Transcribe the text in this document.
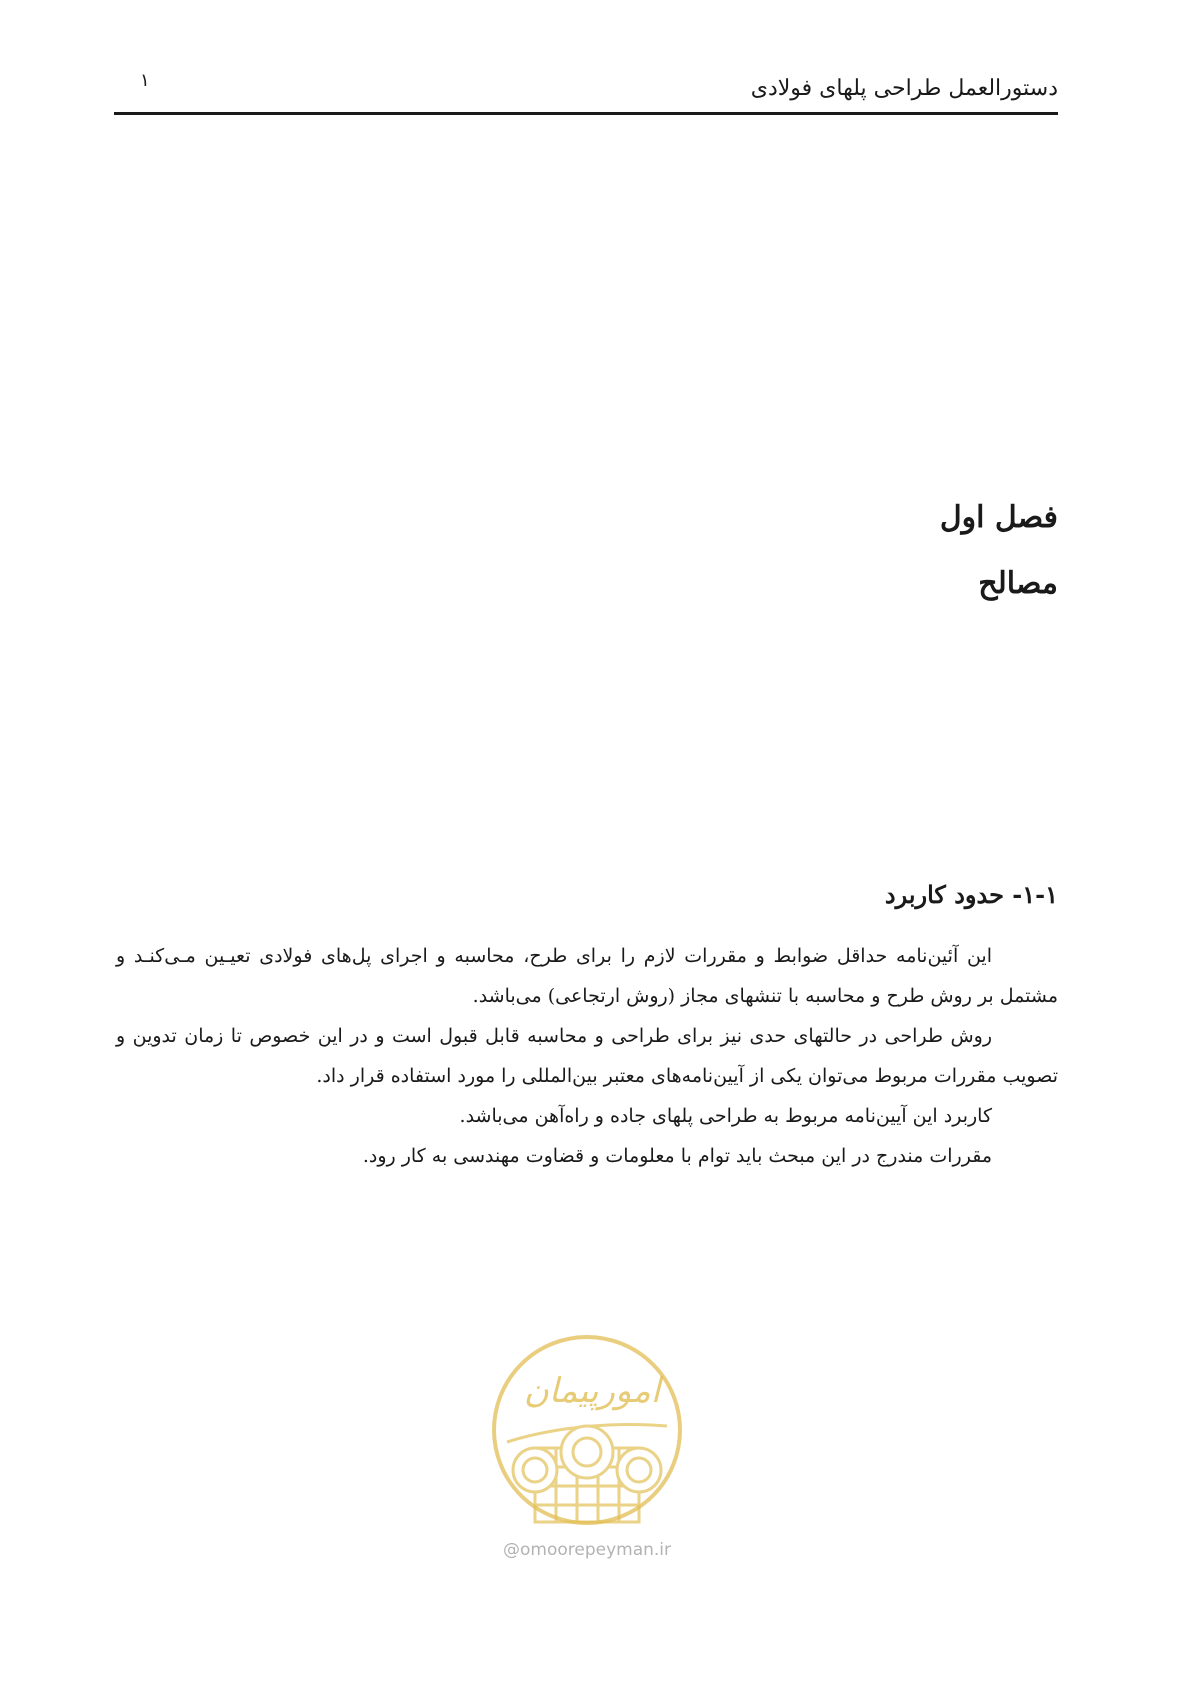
۱	دستورالعمل طراحی پلهای فولادی
فصل اول
مصالح
۱-۱- حدود کاربرد

این آئین‌نامه حداقل ضوابط و مقررات لازم را برای طرح، محاسبه و اجرای پل‌های فولادی تعیـین مـی‌کنـد و مشتمل بر روش طرح و محاسبه با تنشهای مجاز (روش ارتجاعی) می‌باشد.

روش طراحی در حالتهای حدی نیز برای طراحی و محاسبه قابل قبول است و در این خصوص تا زمان تدوین و تصویب مقررات مربوط می‌توان یکی از آیین‌نامه‌های معتبر بین‌المللی را مورد استفاده قرار داد.

کاربرد این آیین‌نامه مربوط به طراحی پلهای جاده و راه‌آهن می‌باشد.

مقررات مندرج در این مبحث باید توام با معلومات و قضاوت مهندسی به کار رود.

امورپیمان
@omoorepeyman.ir
